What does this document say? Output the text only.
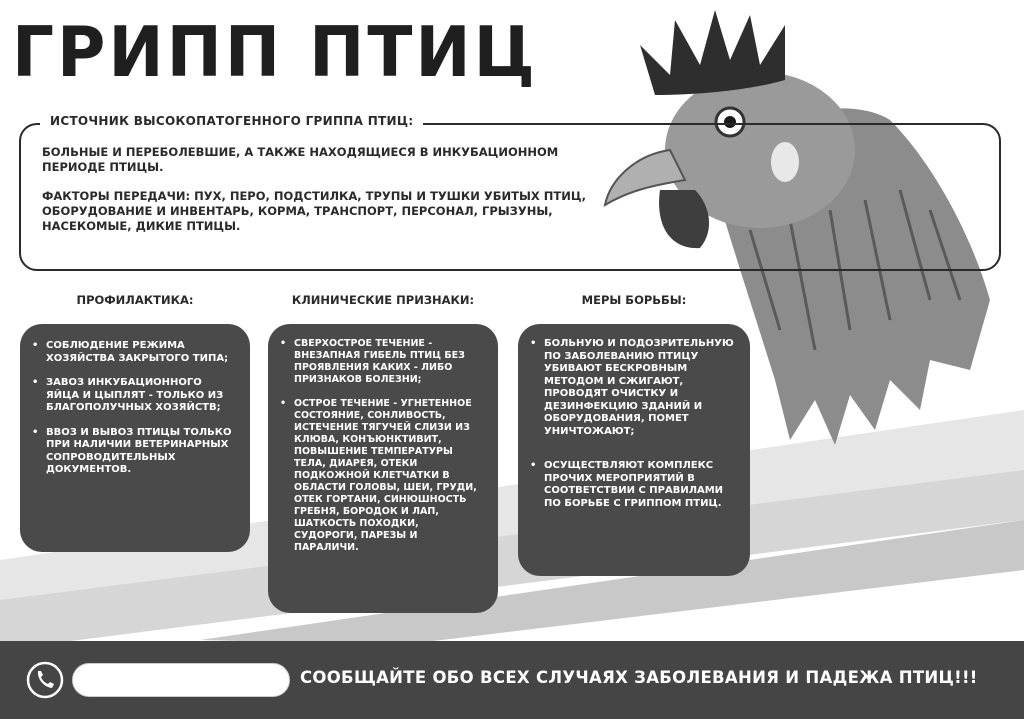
ГРИПП ПТИЦ
ИСТОЧНИК ВЫСОКОПАТОГЕННОГО ГРИППА ПТИЦ:

БОЛЬНЫЕ И ПЕРЕБОЛЕВШИЕ, А ТАКЖЕ НАХОДЯЩИЕСЯ В ИНКУБАЦИОННОМ ПЕРИОДЕ ПТИЦЫ.

ФАКТОРЫ ПЕРЕДАЧИ: ПУХ, ПЕРО, ПОДСТИЛКА, ТРУПЫ И ТУШКИ УБИТЫХ ПТИЦ, ОБОРУДОВАНИЕ И ИНВЕНТАРЬ, КОРМА, ТРАНСПОРТ, ПЕРСОНАЛ, ГРЫЗУНЫ, НАСЕКОМЫЕ, ДИКИЕ ПТИЦЫ.

ПРОФИЛАКТИКА:	КЛИНИЧЕСКИЕ ПРИЗНАКИ:	МЕРЫ БОРЬБЫ:
• СОБЛЮДЕНИЕ РЕЖИМА ХОЗЯЙСТВА ЗАКРЫТОГО ТИПА;
• ЗАВОЗ ИНКУБАЦИОННОГО ЯЙЦА И ЦЫПЛЯТ - ТОЛЬКО ИЗ БЛАГОПОЛУЧНЫХ ХОЗЯЙСТВ;
• ВВОЗ И ВЫВОЗ ПТИЦЫ ТОЛЬКО ПРИ НАЛИЧИИ ВЕТЕРИНАРНЫХ СОПРОВОДИТЕЛЬНЫХ ДОКУМЕНТОВ.
• СВЕРХОСТРОЕ ТЕЧЕНИЕ - ВНЕЗАПНАЯ ГИБЕЛЬ ПТИЦ БЕЗ ПРОЯВЛЕНИЯ КАКИХ - ЛИБО ПРИЗНАКОВ БОЛЕЗНИ;
• ОСТРОЕ ТЕЧЕНИЕ - УГНЕТЕННОЕ СОСТОЯНИЕ, СОНЛИВОСТЬ, ИСТЕЧЕНИЕ ТЯГУЧЕЙ СЛИЗИ ИЗ КЛЮВА, КОНЪЮНКТИВИТ, ПОВЫШЕНИЕ ТЕМПЕРАТУРЫ ТЕЛА, ДИАРЕЯ, ОТЕКИ ПОДКОЖНОЙ КЛЕТЧАТКИ В ОБЛАСТИ ГОЛОВЫ, ШЕИ, ГРУДИ, ОТЕК ГОРТАНИ, СИНЮШНОСТЬ ГРЕБНЯ, БОРОДОК И ЛАП, ШАТКОСТЬ ПОХОДКИ, СУДОРОГИ, ПАРЕЗЫ И ПАРАЛИЧИ.
• БОЛЬНУЮ И ПОДОЗРИТЕЛЬНУЮ ПО ЗАБОЛЕВАНИЮ ПТИЦУ УБИВАЮТ БЕСКРОВНЫМ МЕТОДОМ И СЖИГАЮТ, ПРОВОДЯТ ОЧИСТКУ И ДЕЗИНФЕКЦИЮ ЗДАНИЙ И ОБОРУДОВАНИЯ, ПОМЕТ УНИЧТОЖАЮТ;
• ОСУЩЕСТВЛЯЮТ КОМПЛЕКС ПРОЧИХ МЕРОПРИЯТИЙ В СООТВЕТСТВИИ С ПРАВИЛАМИ ПО БОРЬБЕ С ГРИППОМ ПТИЦ.
СООБЩАЙТЕ ОБО ВСЕХ СЛУЧАЯХ ЗАБОЛЕВАНИЯ И ПАДЕЖА ПТИЦ!!!
